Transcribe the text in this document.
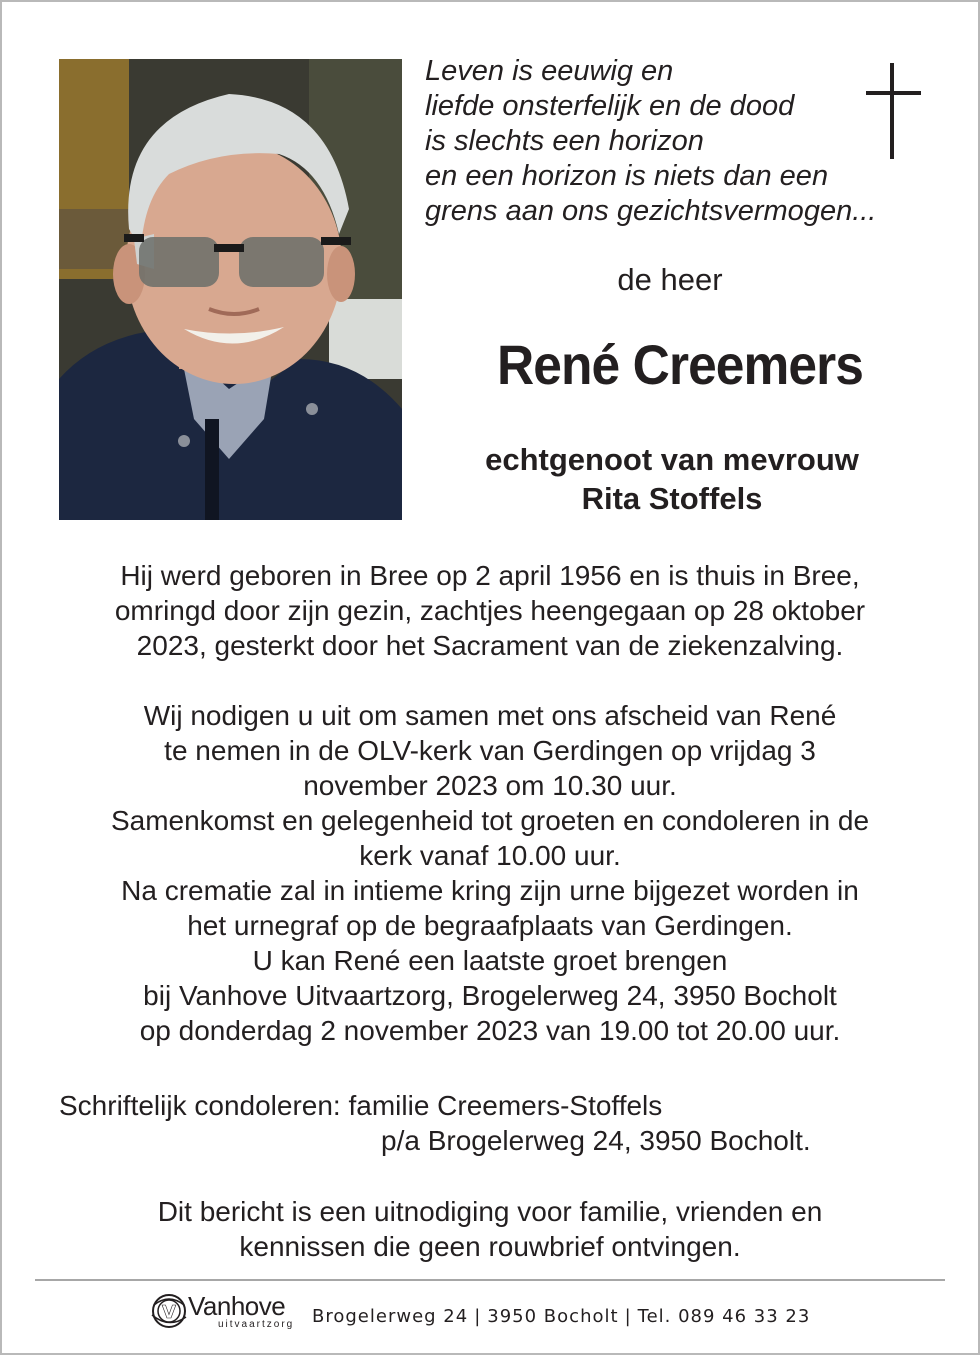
Leven is eeuwig en
liefde onsterfelijk en de dood
is slechts een horizon
en een horizon is niets dan een
grens aan ons gezichtsvermogen...
de heer
René Creemers
echtgenoot van mevrouw
Rita Stoffels
Hij werd geboren in Bree op 2 april 1956 en is thuis in Bree,
omringd door zijn gezin, zachtjes heengegaan op 28 oktober
2023, gesterkt door het Sacrament van de ziekenzalving.
Wij nodigen u uit om samen met ons afscheid van René
te nemen in de OLV-kerk van Gerdingen op vrijdag 3
november 2023 om 10.30 uur.
Samenkomst en gelegenheid tot groeten en condoleren in de
kerk vanaf 10.00 uur.
Na crematie zal in intieme kring zijn urne bijgezet worden in
het urnegraf op de begraafplaats van Gerdingen.
U kan René een laatste groet brengen
bij Vanhove Uitvaartzorg, Brogelerweg 24, 3950 Bocholt
op donderdag 2 november 2023 van 19.00 tot 20.00 uur.
Schriftelijk condoleren: familie Creemers-Stoffels
p/a Brogelerweg 24, 3950 Bocholt.
Dit bericht is een uitnodiging voor familie, vrienden en
kennissen die geen rouwbrief ontvingen.
V Vanhove
uitvaartzorg Brogelerweg 24 | 3950 Bocholt | Tel. 089 46 33 23
